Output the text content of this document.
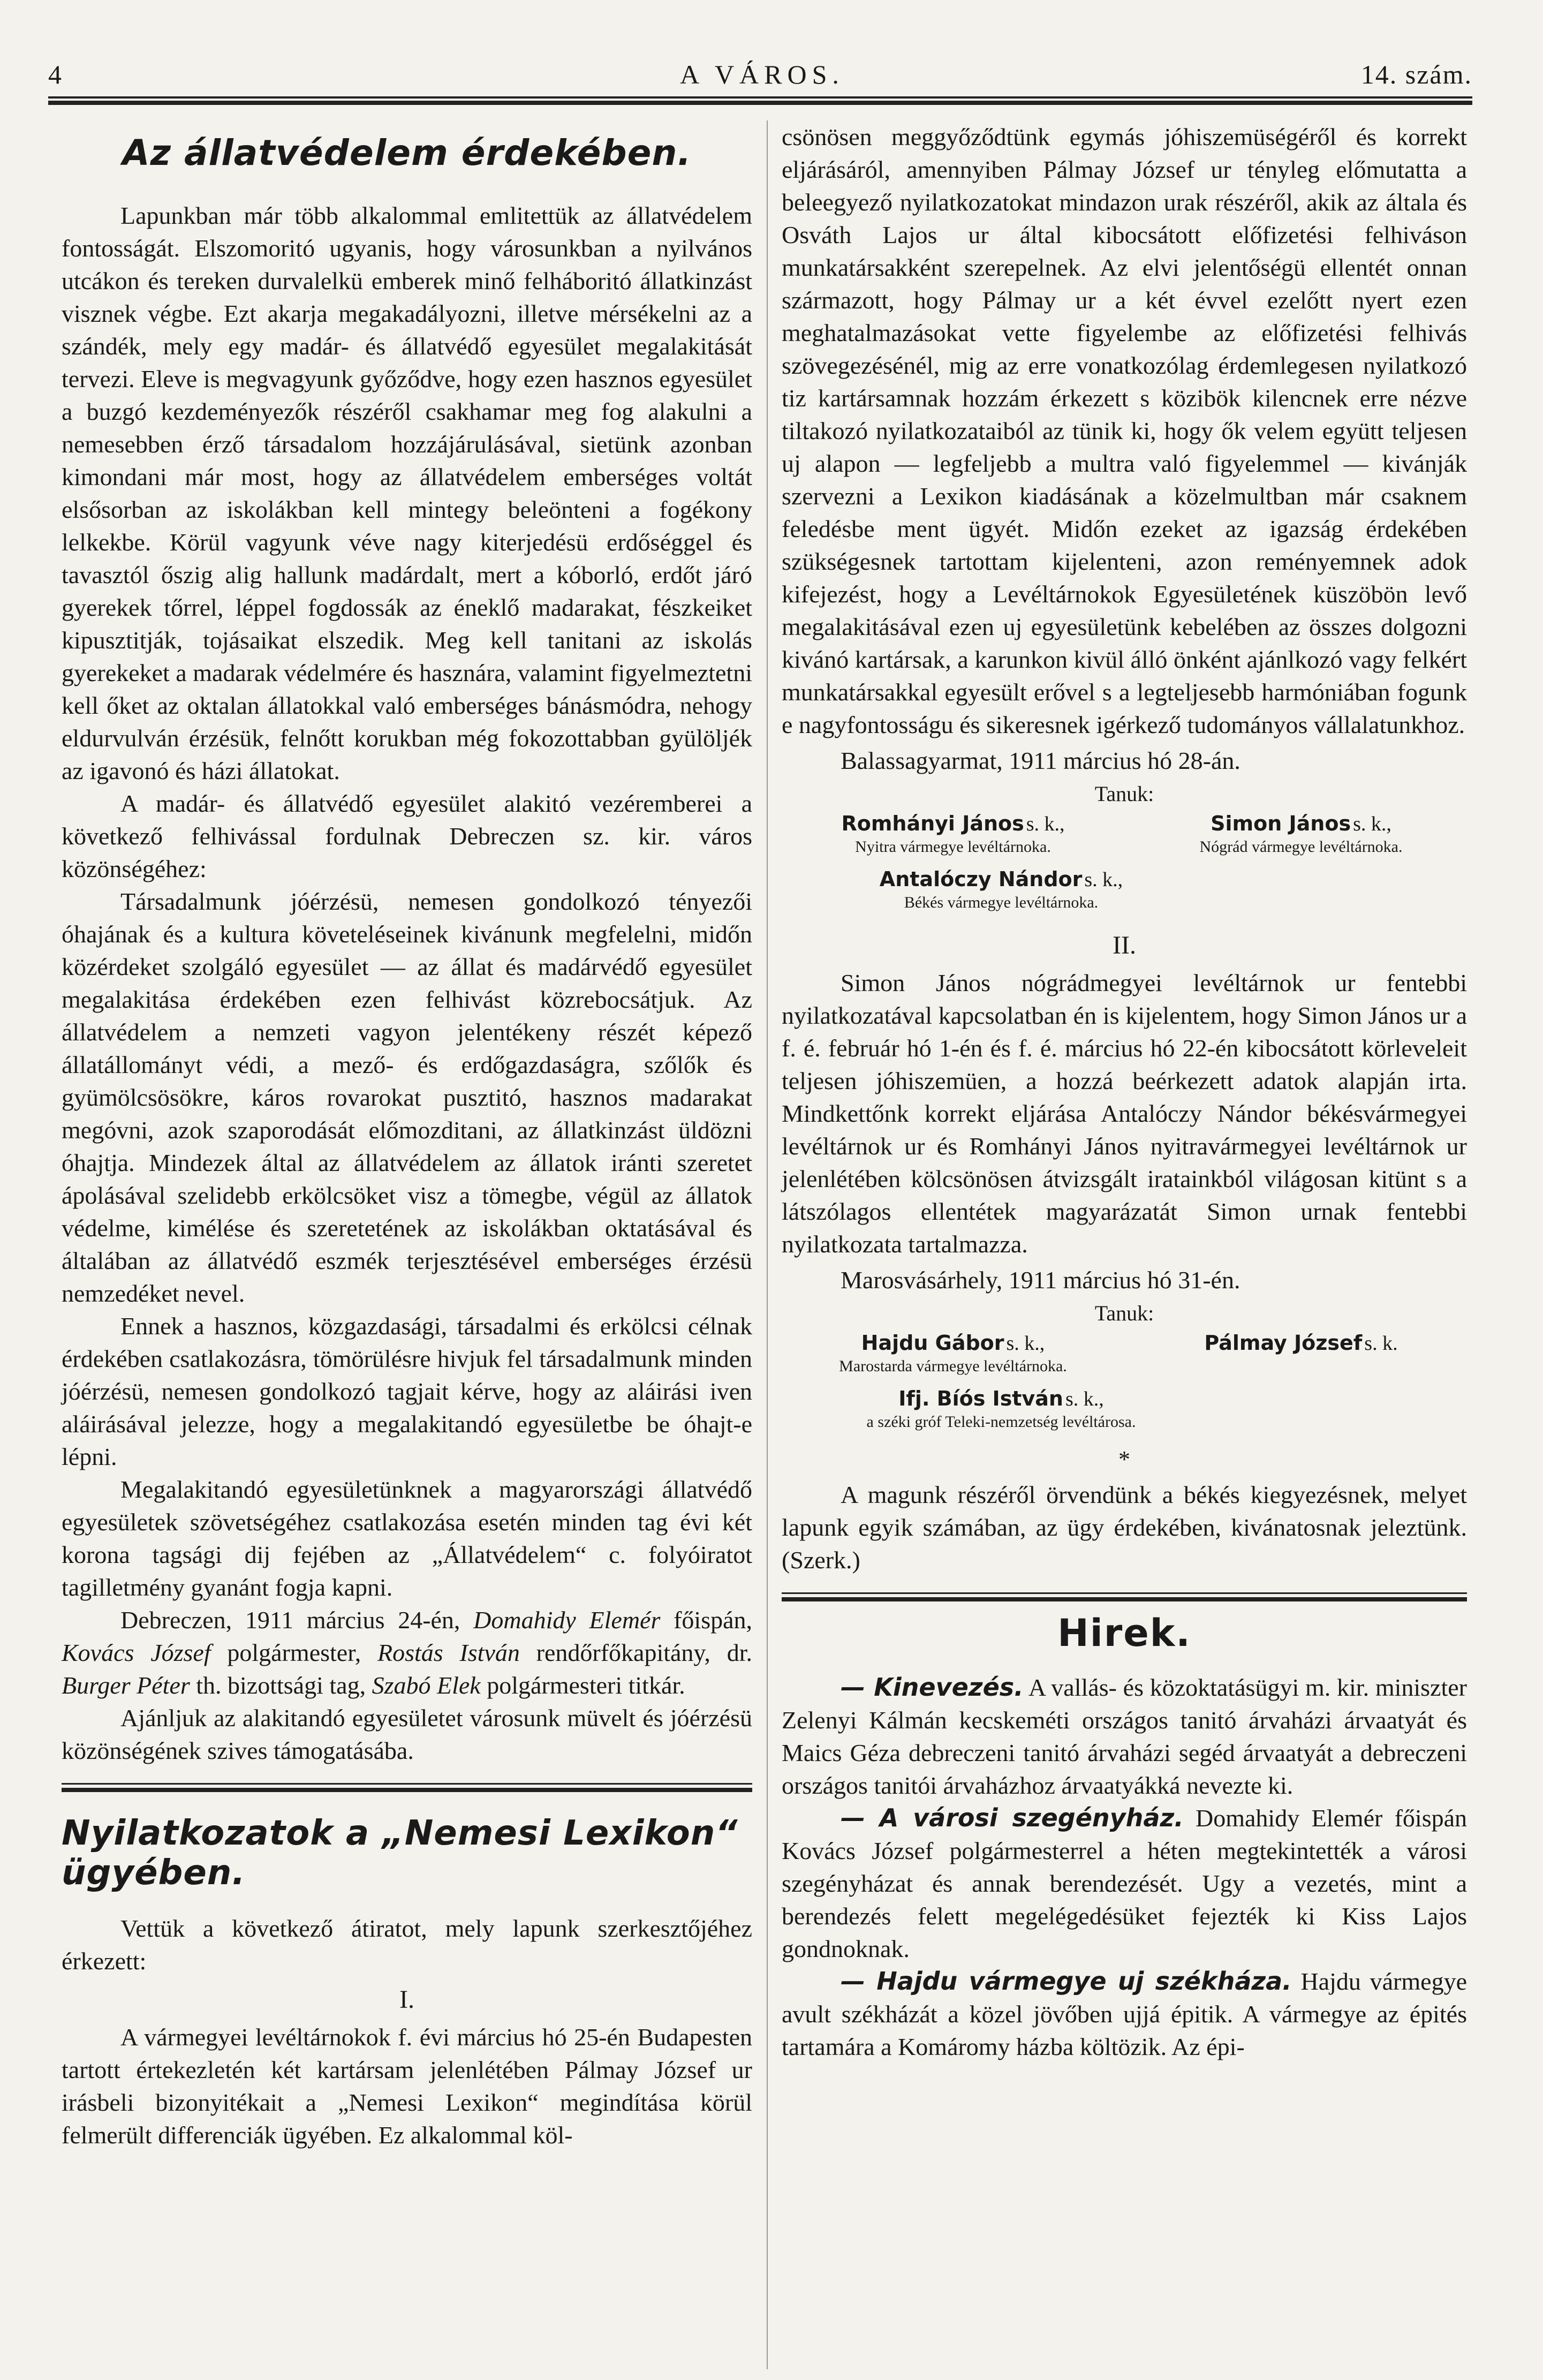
4	A VÁROS.	14. szám.
Az állatvédelem érdekében.

Lapunkban már több alkalommal emlitettük az állatvédelem fontosságát. Elszomoritó ugyanis, hogy városunkban a nyilvános utcákon és tereken durvalelkü emberek minő felháboritó állatkinzást visznek végbe. Ezt akarja megakadályozni, illetve mérsékelni az a szándék, mely egy madár- és állatvédő egyesület megalakitását tervezi. Eleve is megvagyunk győződve, hogy ezen hasznos egyesület a buzgó kezdeményezők részéről csakhamar meg fog alakulni a nemesebben érző társadalom hozzájárulásával, sietünk azonban kimondani már most, hogy az állatvédelem emberséges voltát elsősorban az iskolákban kell mintegy beleönteni a fogékony lelkekbe. Körül vagyunk véve nagy kiterjedésü erdőséggel és tavasztól őszig alig hallunk madárdalt, mert a kóborló, erdőt járó gyerekek tőrrel, léppel fogdossák az éneklő madarakat, fészkeiket kipusztitják, tojásaikat elszedik. Meg kell tanitani az iskolás gyerekeket a madarak védelmére és hasznára, valamint figyelmeztetni kell őket az oktalan állatokkal való emberséges bánásmódra, nehogy eldurvulván érzésük, felnőtt korukban még fokozottabban gyülöljék az igavonó és házi állatokat.

A madár- és állatvédő egyesület alakitó vezéremberei a következő felhivással fordulnak Debreczen sz. kir. város közönségéhez:

Társadalmunk jóérzésü, nemesen gondolkozó tényezői óhajának és a kultura követeléseinek kivánunk megfelelni, midőn közérdeket szolgáló egyesület — az állat és madárvédő egyesület megalakitása érdekében ezen felhivást közrebocsátjuk. Az állatvédelem a nemzeti vagyon jelentékeny részét képező állatállományt védi, a mező- és erdőgazdaságra, szőlők és gyümölcsösökre, káros rovarokat pusztitó, hasznos madarakat megóvni, azok szaporodását előmozditani, az állatkinzást üldözni óhajtja. Mindezek által az állatvédelem az állatok iránti szeretet ápolásával szelidebb erkölcsöket visz a tömegbe, végül az állatok védelme, kimélése és szeretetének az iskolákban oktatásával és általában az állatvédő eszmék terjesztésével emberséges érzésü nemzedéket nevel.

Ennek a hasznos, közgazdasági, társadalmi és erkölcsi célnak érdekében csatlakozásra, tömörülésre hivjuk fel társadalmunk minden jóérzésü, nemesen gondolkozó tagjait kérve, hogy az aláirási iven aláirásával jelezze, hogy a megalakitandó egyesületbe be óhajt-e lépni.

Megalakitandó egyesületünknek a magyarországi állatvédő egyesületek szövetségéhez csatlakozása esetén minden tag évi két korona tagsági dij fejében az „Állatvédelem“ c. folyóiratot tagilletmény gyanánt fogja kapni.

Debreczen, 1911 március 24-én, Domahidy Elemér főispán, Kovács József polgármester, Rostás István rendőrfőkapitány, dr. Burger Péter th. bizottsági tag, Szabó Elek polgármesteri titkár.

Ajánljuk az alakitandó egyesületet városunk müvelt és jóérzésü közönségének szives támogatásába.

Nyilatkozatok a „Nemesi Lexikon“ ügyében.

Vettük a következő átiratot, mely lapunk szerkesztőjéhez érkezett:

I.

A vármegyei levéltárnokok f. évi március hó 25-én Budapesten tartott értekezletén két kartársam jelenlétében Pálmay József ur irásbeli bizonyitékait a „Nemesi Lexikon“ megindítása körül felmerült differenciák ügyében. Ez alkalommal köl-

csönösen meggyőződtünk egymás jóhiszemüségéről és korrekt eljárásáról, amennyiben Pálmay József ur tényleg előmutatta a beleegyező nyilatkozatokat mindazon urak részéről, akik az általa és Osváth Lajos ur által kibocsátott előfizetési felhiváson munkatársakként szerepelnek. Az elvi jelentőségü ellentét onnan származott, hogy Pálmay ur a két évvel ezelőtt nyert ezen meghatalmazásokat vette figyelembe az előfizetési felhivás szövegezésénél, mig az erre vonatkozólag érdemlegesen nyilatkozó tiz kartársamnak hozzám érkezett s közibök kilencnek erre nézve tiltakozó nyilatkozataiból az tünik ki, hogy ők velem együtt teljesen uj alapon — legfeljebb a multra való figyelemmel — kivánják szervezni a Lexikon kiadásának a közelmultban már csaknem feledésbe ment ügyét. Midőn ezeket az igazság érdekében szükségesnek tartottam kijelenteni, azon reményemnek adok kifejezést, hogy a Levéltárnokok Egyesületének küszöbön levő megalakitásával ezen uj egyesületünk kebelében az összes dolgozni kivánó kartársak, a karunkon kivül álló önként ajánlkozó vagy felkért munkatársakkal egyesült erővel s a legteljesebb harmóniában fogunk e nagyfontosságu és sikeresnek igérkező tudományos vállalatunkhoz.

Balassagyarmat, 1911 március hó 28-án.
Tanuk:
Romhányi János s. k.,
Nyitra vármegye levéltárnoka.
Simon János s. k.,
Nógrád vármegye levéltárnoka.
Antalóczy Nándor s. k.,
Békés vármegye levéltárnoka.
II.

Simon János nógrádmegyei levéltárnok ur fentebbi nyilatkozatával kapcsolatban én is kijelentem, hogy Simon János ur a f. é. február hó 1-én és f. é. március hó 22-én kibocsátott körleveleit teljesen jóhiszemüen, a hozzá beérkezett adatok alapján irta. Mindkettőnk korrekt eljárása Antalóczy Nándor békésvármegyei levéltárnok ur és Romhányi János nyitravármegyei levéltárnok ur jelenlétében kölcsönösen átvizsgált iratainkból világosan kitünt s a látszólagos ellentétek magyarázatát Simon urnak fentebbi nyilatkozata tartalmazza.

Marosvásárhely, 1911 március hó 31-én.
Tanuk:
Hajdu Gábor s. k.,
Marostarda vármegye levéltárnoka.
Pálmay József s. k.
Ifj. Bíós István s. k.,
a széki gróf Teleki-nemzetség levéltárosa.
*

A magunk részéről örvendünk a békés kiegyezésnek, melyet lapunk egyik számában, az ügy érdekében, kivánatosnak jeleztünk. (Szerk.)

Hirek.

— Kinevezés. A vallás- és közoktatásügyi m. kir. miniszter Zelenyi Kálmán kecskeméti országos tanitó árvaházi árvaatyát és Maics Géza debreczeni tanitó árvaházi segéd árvaatyát a debreczeni országos tanitói árvaházhoz árvaatyákká nevezte ki.

— A városi szegényház. Domahidy Elemér főispán Kovács József polgármesterrel a héten megtekintették a városi szegényházat és annak berendezését. Ugy a vezetés, mint a berendezés felett megelégedésüket fejezték ki Kiss Lajos gondnoknak.

— Hajdu vármegye uj székháza. Hajdu vármegye avult székházát a közel jövőben ujjá épitik. A vármegye az épités tartamára a Komáromy házba költözik. Az épi-
